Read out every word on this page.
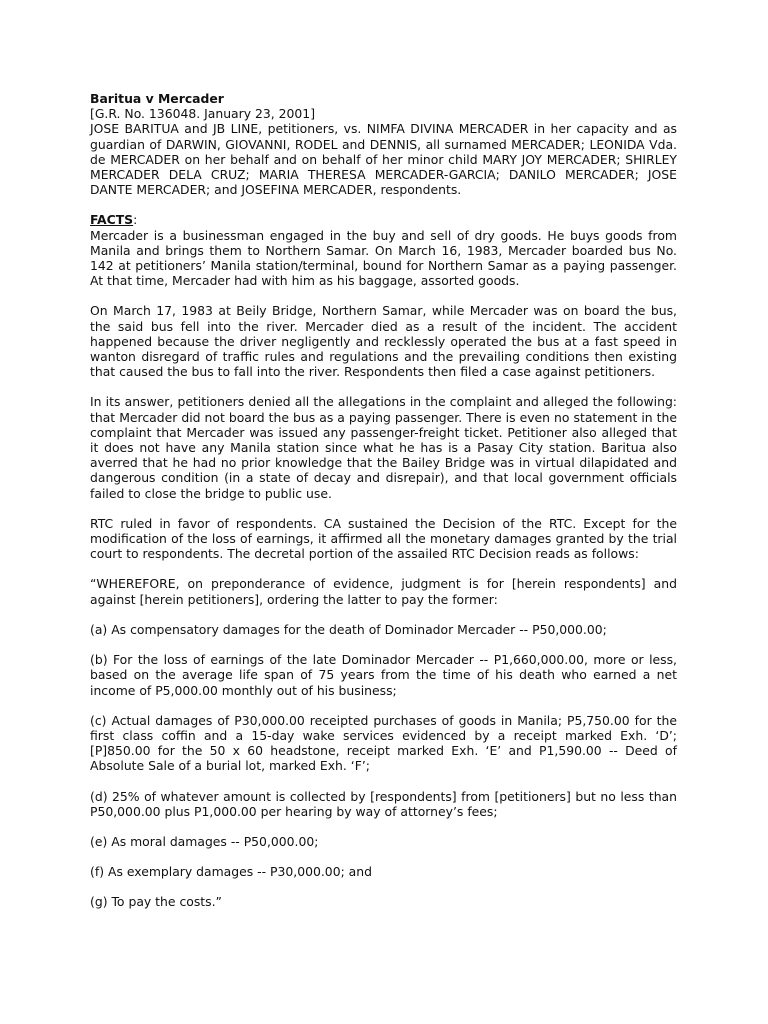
Baritua v Mercader

[G.R. No. 136048. January 23, 2001]

JOSE BARITUA and JB LINE, petitioners, vs. NIMFA DIVINA MERCADER in her capacity and as guardian of DARWIN, GIOVANNI, RODEL and DENNIS, all surnamed MERCADER; LEONIDA Vda. de MERCADER on her behalf and on behalf of her minor child MARY JOY MERCADER; SHIRLEY MERCADER DELA CRUZ; MARIA THERESA MERCADER-GARCIA; DANILO MERCADER; JOSE DANTE MERCADER; and JOSEFINA MERCADER, respondents.

FACTS:

Mercader is a businessman engaged in the buy and sell of dry goods. He buys goods from Manila and brings them to Northern Samar. On March 16, 1983, Mercader boarded bus No. 142 at petitioners’ Manila station/terminal, bound for Northern Samar as a paying passenger. At that time, Mercader had with him as his baggage, assorted goods.

On March 17, 1983 at Beily Bridge, Northern Samar, while Mercader was on board the bus, the said bus fell into the river. Mercader died as a result of the incident. The accident happened because the driver negligently and recklessly operated the bus at a fast speed in wanton disregard of traffic rules and regulations and the prevailing conditions then existing that caused the bus to fall into the river. Respondents then filed a case against petitioners.

In its answer, petitioners denied all the allegations in the complaint and alleged the following: that Mercader did not board the bus as a paying passenger. There is even no statement in the complaint that Mercader was issued any passenger-freight ticket. Petitioner also alleged that it does not have any Manila station since what he has is a Pasay City station. Baritua also averred that he had no prior knowledge that the Bailey Bridge was in virtual dilapidated and dangerous condition (in a state of decay and disrepair), and that local government officials failed to close the bridge to public use.

RTC ruled in favor of respondents. CA sustained the Decision of the RTC. Except for the modification of the loss of earnings, it affirmed all the monetary damages granted by the trial court to respondents. The decretal portion of the assailed RTC Decision reads as follows:

“WHEREFORE, on preponderance of evidence, judgment is for [herein respondents] and against [herein petitioners], ordering the latter to pay the former:

(a) As compensatory damages for the death of Dominador Mercader -- P50,000.00;

(b) For the loss of earnings of the late Dominador Mercader -- P1,660,000.00, more or less, based on the average life span of 75 years from the time of his death who earned a net income of P5,000.00 monthly out of his business;

(c) Actual damages of P30,000.00 receipted purchases of goods in Manila; P5,750.00 for the first class coffin and a 15-day wake services evidenced by a receipt marked Exh. ‘D’; [P]850.00 for the 50 x 60 headstone, receipt marked Exh. ‘E’ and P1,590.00 -- Deed of Absolute Sale of a burial lot, marked Exh. ‘F’;

(d) 25% of whatever amount is collected by [respondents] from [petitioners] but no less than P50,000.00 plus P1,000.00 per hearing by way of attorney’s fees;

(e) As moral damages -- P50,000.00;

(f) As exemplary damages -- P30,000.00; and

(g) To pay the costs.”
